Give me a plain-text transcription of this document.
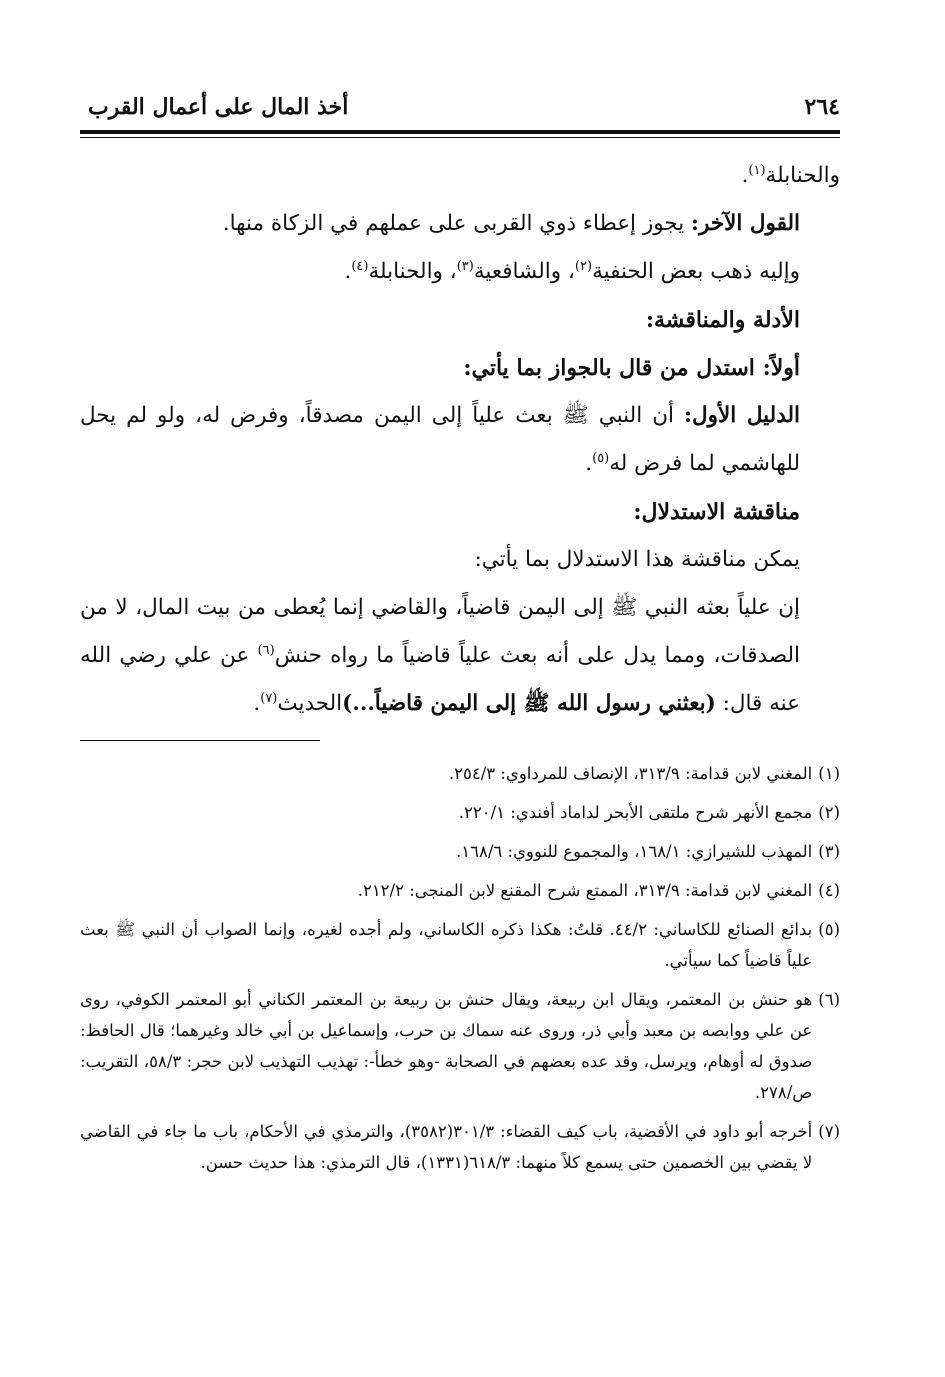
٢٦٤
أخذ المال على أعمال القرب

والحنابلة$^{(١)}$.

القول الآخر: يجوز إعطاء ذوي القربى على عملهم في الزكاة منها.

وإليه ذهب بعض الحنفية$^{(٢)}$، والشافعية$^{(٣)}$، والحنابلة$^{(٤)}$.

الأدلة والمناقشة:

أولاً: استدل من قال بالجواز بما يأتي:

الدليل الأول: أن النبي ﷺ بعث علياً إلى اليمن مصدقاً، وفرض له، ولو لم يحل للهاشمي لما فرض له$^{(٥)}$.

مناقشة الاستدلال:

يمكن مناقشة هذا الاستدلال بما يأتي:

إن علياً بعثه النبي ﷺ إلى اليمن قاضياً، والقاضي إنما يُعطى من بيت المال، لا من الصدقات، ومما يدل على أنه بعث علياً قاضياً ما رواه حنش$^{(٦)}$ عن علي رضي الله عنه قال: (بعثني رسول الله ﷺ إلى اليمن قاضياً...)الحديث$^{(٧)}$.

(١)
المغني لابن قدامة: ٣١٣/٩، الإنصاف للمرداوي: ٢٥٤/٣.
(٢)
مجمع الأنهر شرح ملتقى الأبحر لداماد أفندي: ٢٢٠/١.
(٣)
المهذب للشيرازي: ١٦٨/١، والمجموع للنووي: ١٦٨/٦.
(٤)
المغني لابن قدامة: ٣١٣/٩، الممتع شرح المقنع لابن المنجى: ٢١٢/٢.
(٥)
بدائع الصنائع للكاساني: ٤٤/٢. قلتُ: هكذا ذكره الكاساني، ولم أجده لغيره، وإنما الصواب أن النبي ﷺ بعث علياً قاضياً كما سيأتي.
(٦)
هو حنش بن المعتمر، ويقال ابن ربيعة، ويقال حنش بن ربيعة بن المعتمر الكناني أبو المعتمر الكوفي، روى عن علي ووابصه بن معبد وأبي ذر، وروى عنه سماك بن حرب، وإسماعيل بن أبي خالد وغيرهما؛ قال الحافظ: صدوق له أوهام، ويرسل، وقد عده بعضهم في الصحابة -وهو خطأ-: تهذيب التهذيب لابن حجر: ٥٨/٣، التقريب: ص/٢٧٨.
(٧)
أخرجه أبو داود في الأقضية، باب كيف القضاء: ٣٠١/٣(٣٥٨٢)، والترمذي في الأحكام، باب ما جاء في القاضي لا يقضي بين الخصمين حتى يسمع كلاً منهما: ٦١٨/٣(١٣٣١)، قال الترمذي: هذا حديث حسن.
